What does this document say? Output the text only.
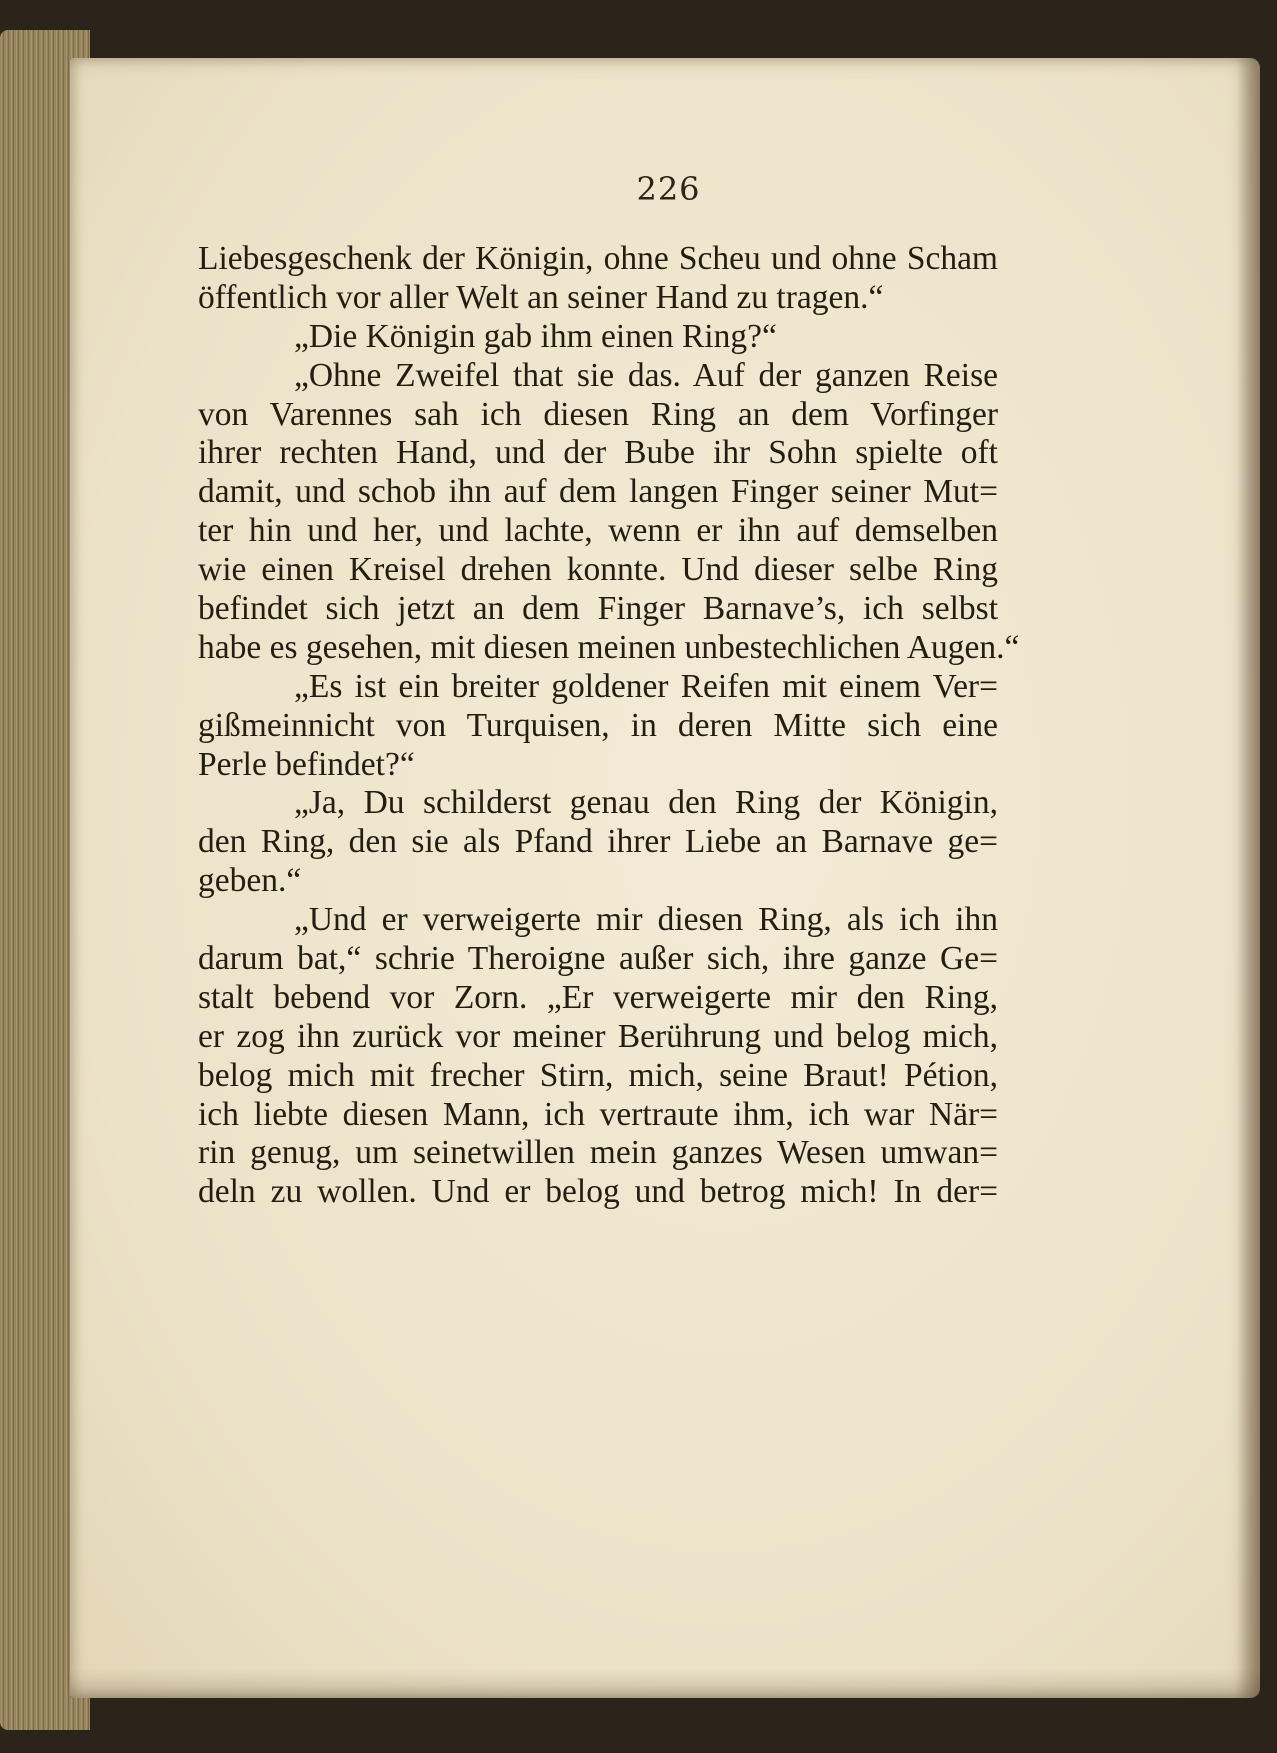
226
Liebesgeschenk der Königin, ohne Scheu und ohne Scham
öffentlich vor aller Welt an seiner Hand zu tragen.“
„Die Königin gab ihm einen Ring?“
„Ohne Zweifel that sie das. Auf der ganzen Reise
von Varennes sah ich diesen Ring an dem Vorfinger
ihrer rechten Hand, und der Bube ihr Sohn spielte oft
damit, und schob ihn auf dem langen Finger seiner Mut=
ter hin und her, und lachte, wenn er ihn auf demselben
wie einen Kreisel drehen konnte. Und dieser selbe Ring
befindet sich jetzt an dem Finger Barnave’s, ich selbst
habe es gesehen, mit diesen meinen unbestechlichen Augen.“
„Es ist ein breiter goldener Reifen mit einem Ver=
gißmeinnicht von Turquisen, in deren Mitte sich eine
Perle befindet?“
„Ja, Du schilderst genau den Ring der Königin,
den Ring, den sie als Pfand ihrer Liebe an Barnave ge=
geben.“
„Und er verweigerte mir diesen Ring, als ich ihn
darum bat,“ schrie Theroigne außer sich, ihre ganze Ge=
stalt bebend vor Zorn. „Er verweigerte mir den Ring,
er zog ihn zurück vor meiner Berührung und belog mich,
belog mich mit frecher Stirn, mich, seine Braut! Pétion,
ich liebte diesen Mann, ich vertraute ihm, ich war När=
rin genug, um seinetwillen mein ganzes Wesen umwan=
deln zu wollen. Und er belog und betrog mich! In der=
